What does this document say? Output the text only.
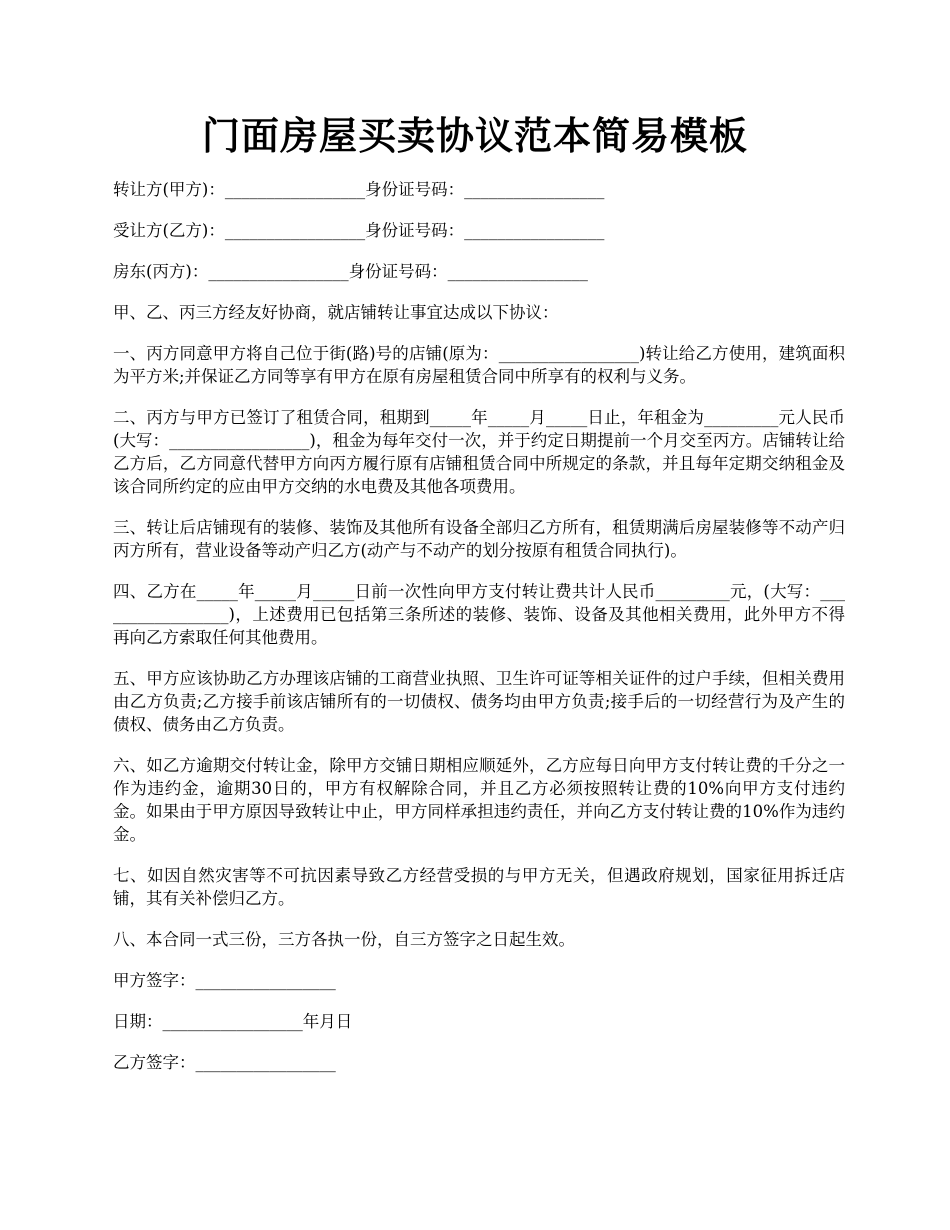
门面房屋买卖协议范本简易模板
转让方(甲方)：_________________身份证号码：_________________
受让方(乙方)：_________________身份证号码：_________________
房东(丙方)：_________________身份证号码：_________________
甲、乙、丙三方经友好协商，就店铺转让事宜达成以下协议：
一、丙方同意甲方将自己位于街(路)号的店铺(原为：_________________)转让给乙方使用，建筑面积为平方米;并保证乙方同等享有甲方在原有房屋租赁合同中所享有的权利与义务。
二、丙方与甲方已签订了租赁合同，租期到_____年_____月_____日止，年租金为_________元人民币(大写：_________________)，租金为每年交付一次，并于约定日期提前一个月交至丙方。店铺转让给乙方后，乙方同意代替甲方向丙方履行原有店铺租赁合同中所规定的条款，并且每年定期交纳租金及该合同所约定的应由甲方交纳的水电费及其他各项费用。
三、转让后店铺现有的装修、装饰及其他所有设备全部归乙方所有，租赁期满后房屋装修等不动产归丙方所有，营业设备等动产归乙方(动产与不动产的划分按原有租赁合同执行)。
四、乙方在_____年_____月_____日前一次性向甲方支付转让费共计人民币_________元，(大写：_________________)，上述费用已包括第三条所述的装修、装饰、设备及其他相关费用，此外甲方不得再向乙方索取任何其他费用。
五、甲方应该协助乙方办理该店铺的工商营业执照、卫生许可证等相关证件的过户手续，但相关费用由乙方负责;乙方接手前该店铺所有的一切债权、债务均由甲方负责;接手后的一切经营行为及产生的债权、债务由乙方负责。
六、如乙方逾期交付转让金，除甲方交铺日期相应顺延外，乙方应每日向甲方支付转让费的千分之一作为违约金，逾期30日的，甲方有权解除合同，并且乙方必须按照转让费的10%向甲方支付违约金。如果由于甲方原因导致转让中止，甲方同样承担违约责任，并向乙方支付转让费的10%作为违约金。
七、如因自然灾害等不可抗因素导致乙方经营受损的与甲方无关，但遇政府规划，国家征用拆迁店铺，其有关补偿归乙方。
八、本合同一式三份，三方各执一份，自三方签字之日起生效。
甲方签字：_________________
日期：_________________年月日
乙方签字：_________________
